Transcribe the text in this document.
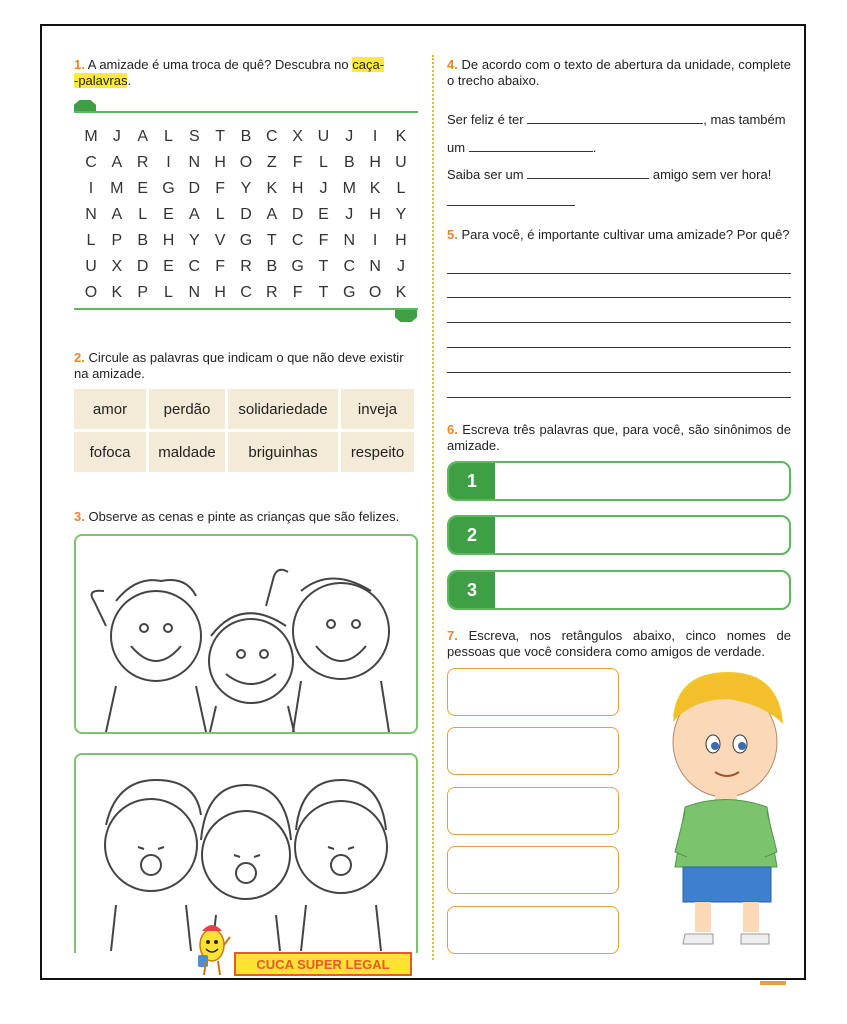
1. A amizade é uma troca de quê? Descubra no caça-
-palavras.
M J	A	L	S T B C X U	J	I	K
C A R	I	N H O Z	F	L	B H U
I	M E G D F Y K H	J M K	L
N A	L	E A	L D A D E	J	H Y
L	P B H Y V G T C F N	I	H
U X D E C F R B G T C N	J
O K P	L N H C R F	T G O K
2. Circule as palavras que indicam o que não deve existir na amizade.
amor	perdão	solidariedade	inveja
fofoca	maldade	briguinhas	respeito
3. Observe as cenas e pinte as crianças que são felizes.
CUCA SUPER LEGAL
4. De acordo com o texto de abertura da unidade, complete o trecho abaixo.
Ser feliz é ter	, mas também
um	.
Saiba ser um	amigo sem ver hora!
5. Para você, é importante cultivar uma amizade? Por quê?
6. Escreva três palavras que, para você, são sinônimos de amizade.
1
2
3
7. Escreva, nos retângulos abaixo, cinco nomes de pessoas que você considera como amigos de verdade.
